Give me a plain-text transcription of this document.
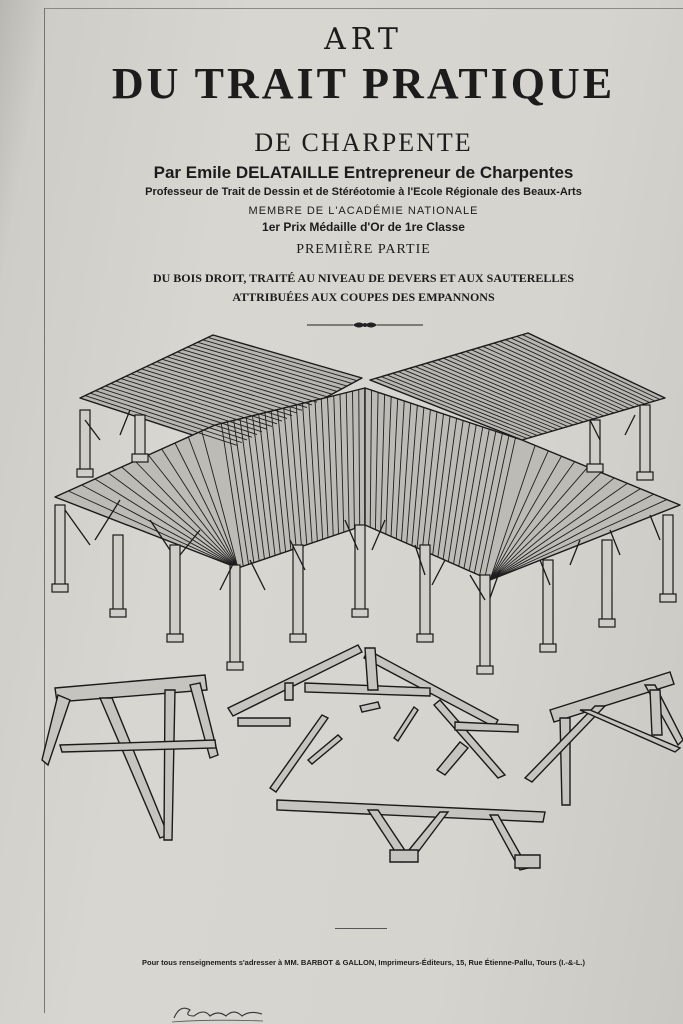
ART
DU TRAIT PRATIQUE
DE CHARPENTE
Par Emile DELATAILLE Entrepreneur de Charpentes
Professeur de Trait de Dessin et de Stéréotomie à l'Ecole Régionale des Beaux-Arts
MEMBRE DE L'ACADÉMIE NATIONALE
1er Prix Médaille d'Or de 1re Classe
PREMIÈRE PARTIE
DU BOIS DROIT, TRAITÉ AU NIVEAU DE DEVERS ET AUX SAUTERELLES
ATTRIBUÉES AUX COUPES DES EMPANNONS
Pour tous renseignements s'adresser à MM. BARBOT & GALLON, Imprimeurs-Éditeurs, 15, Rue Étienne-Pallu, Tours (I.-&-L.)
